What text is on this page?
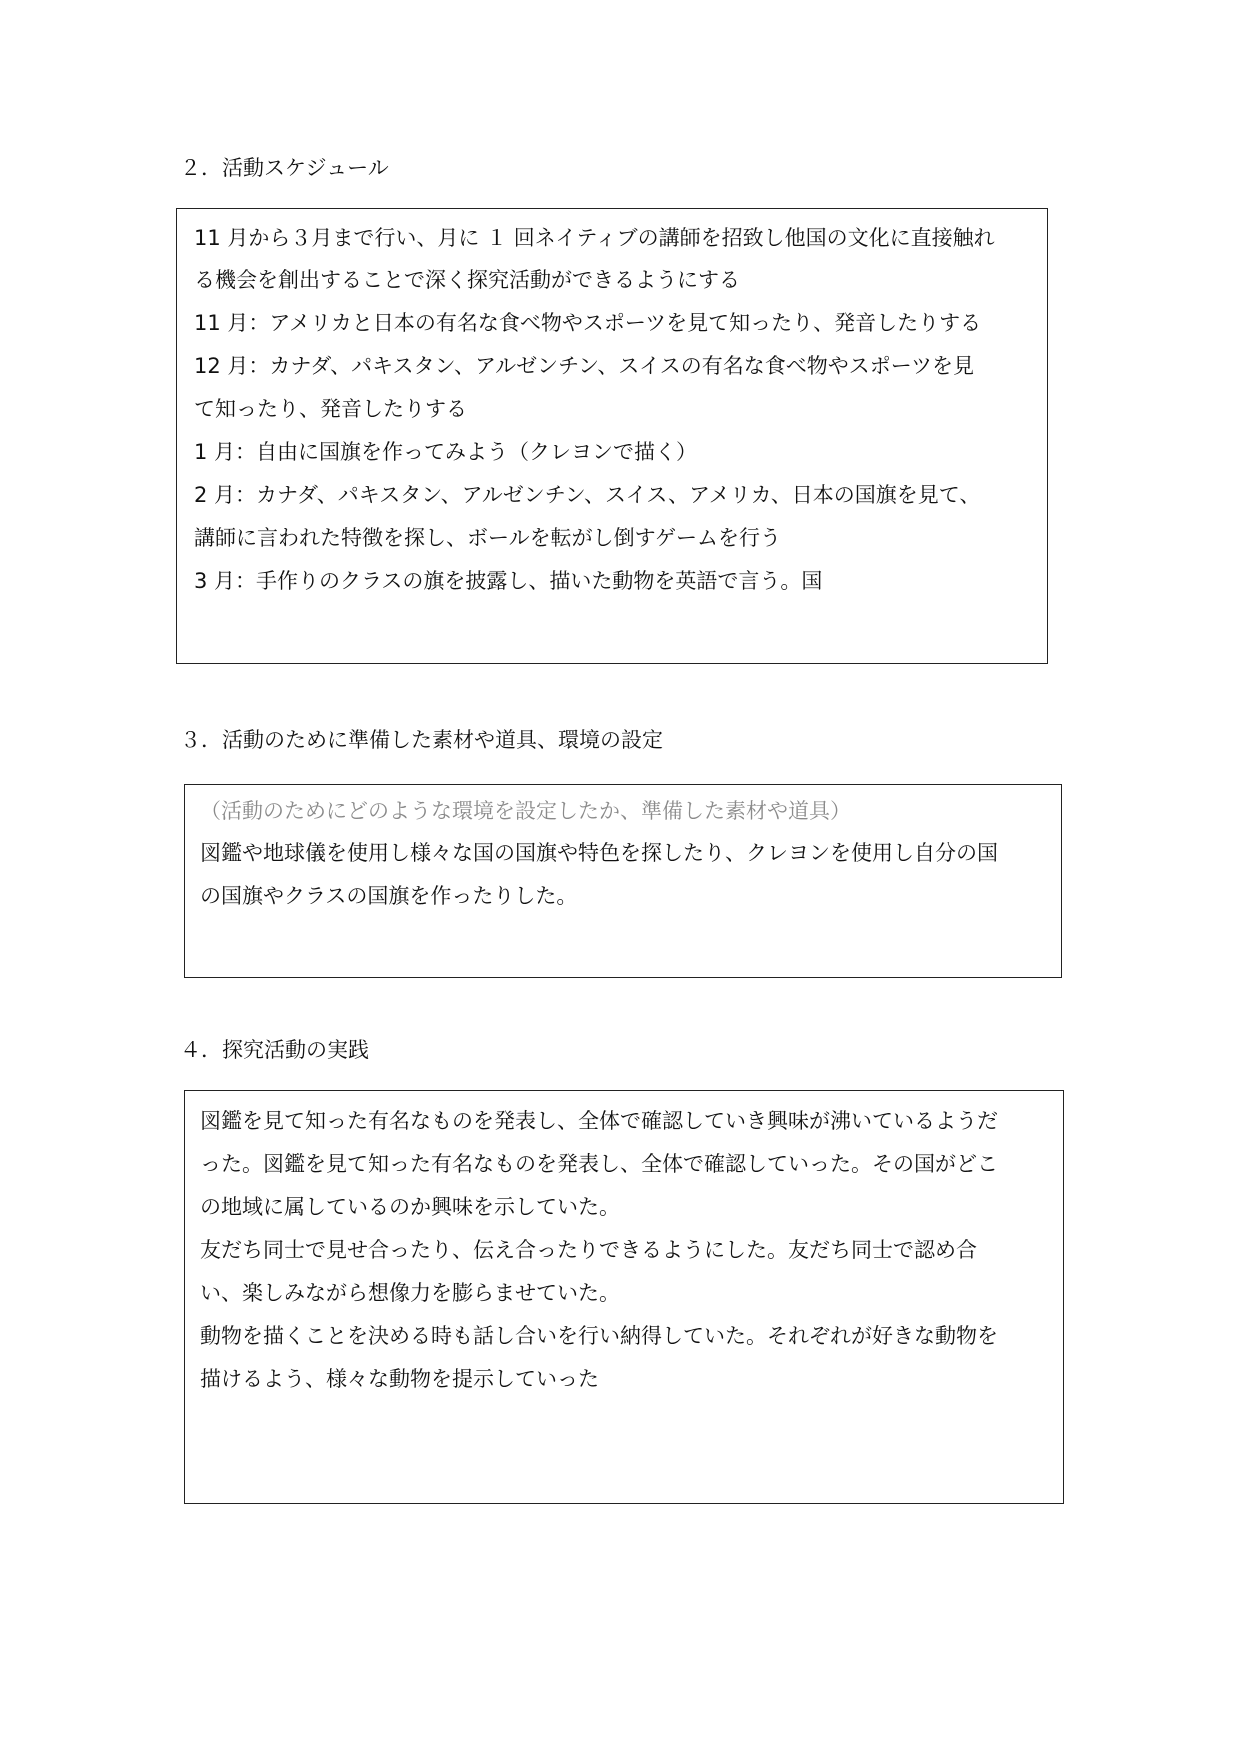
２．活動スケジュール
11 月から３月まで行い、月に １ 回ネイティブの講師を招致し他国の文化に直接触れ
る機会を創出することで深く探究活動ができるようにする
11 月：アメリカと日本の有名な食べ物やスポーツを見て知ったり、発音したりする
12 月：カナダ、パキスタン、アルゼンチン、スイスの有名な食べ物やスポーツを見
て知ったり、発音したりする
1 月：自由に国旗を作ってみよう（クレヨンで描く）
2 月：カナダ、パキスタン、アルゼンチン、スイス、アメリカ、日本の国旗を見て、
講師に言われた特徴を探し、ボールを転がし倒すゲームを行う
3 月：手作りのクラスの旗を披露し、描いた動物を英語で言う。国
３．活動のために準備した素材や道具、環境の設定
（活動のためにどのような環境を設定したか、準備した素材や道具）
図鑑や地球儀を使用し様々な国の国旗や特色を探したり、クレヨンを使用し自分の国
の国旗やクラスの国旗を作ったりした。
４．探究活動の実践
図鑑を見て知った有名なものを発表し、全体で確認していき興味が沸いているようだ
った。図鑑を見て知った有名なものを発表し、全体で確認していった。その国がどこ
の地域に属しているのか興味を示していた。
友だち同士で見せ合ったり、伝え合ったりできるようにした。友だち同士で認め合
い、楽しみながら想像力を膨らませていた。
動物を描くことを決める時も話し合いを行い納得していた。それぞれが好きな動物を
描けるよう、様々な動物を提示していった
